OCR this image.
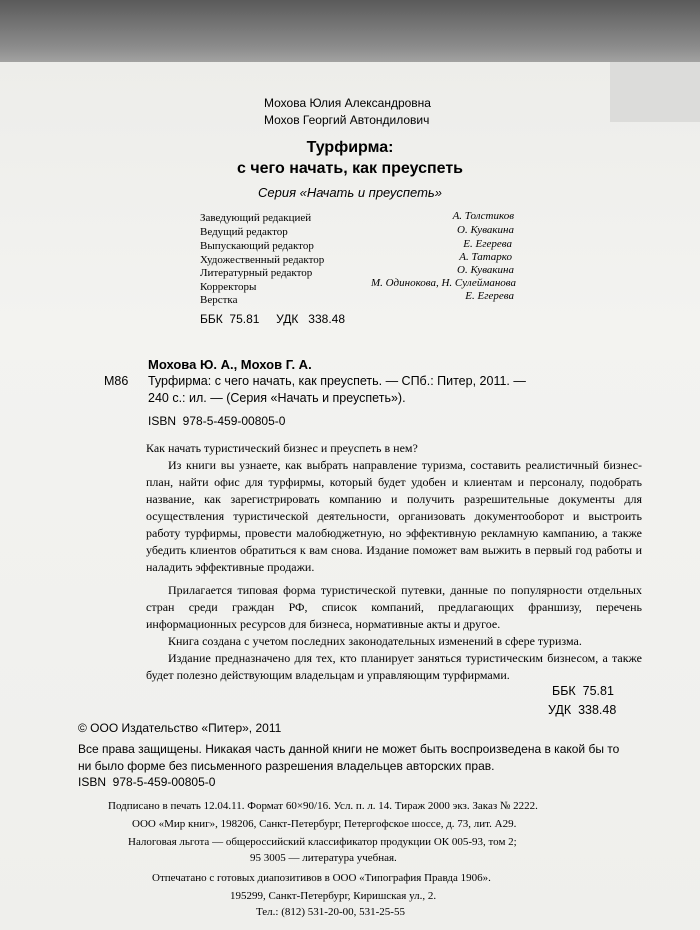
Мохова Юлия Александровна
Мохов Георгий Автондилович
Турфирма:
с чего начать, как преуспеть
Серия «Начать и преуспеть»
Заведующий редакцией	А. Толстиков
Ведущий редактор	О. Кувакина
Выпускающий редактор	Е. Егерева
Художественный редактор	А. Татарко
Литературный редактор	О. Кувакина
Корректоры	М. Одинокова, Н. Сулейманова
Верстка	Е. Егерева
ББК  75.81     УДК   338.48
Мохова Ю. А., Мохов Г. А.
М86 Турфирма: с чего начать, как преуспеть. — СПб.: Питер, 2011. —
240 с.: ил. — (Серия «Начать и преуспеть»).
ISBN  978-5-459-00805-0

Как начать туристический бизнес и преуспеть в нем?

Из книги вы узнаете, как выбрать направление туризма, составить реалистичный бизнес-план, найти офис для турфирмы, который будет удобен и клиентам и персоналу, подобрать название, как зарегистрировать компанию и получить разрешительные документы для осуществления туристической деятельности, организовать документооборот и выстроить работу турфирмы, провести малобюджетную, но эффективную рекламную кампанию, а также убедить клиентов обратиться к вам снова. Издание поможет вам выжить в первый год работы и наладить эффективные продажи.

Прилагается типовая форма туристической путевки, данные по популярности отдельных стран среди граждан РФ, список компаний, предлагающих франшизу, перечень информационных ресурсов для бизнеса, нормативные акты и другое.

Книга создана с учетом последних законодательных изменений в сфере туризма.

Издание предназначено для тех, кто планирует заняться туристическим бизнесом, а также будет полезно действующим владельцам и управляющим турфирмами.

ББК  75.81
УДК  338.48
© ООО Издательство «Питер», 2011
Все права защищены. Никакая часть данной книги не может быть воспроизведена в какой бы то ни было форме без письменного разрешения владельцев авторских прав.
ISBN  978-5-459-00805-0
Подписано в печать 12.04.11. Формат 60×90/16. Усл. п. л. 14. Тираж 2000 экз. Заказ № 2222.
ООО «Мир книг», 198206, Санкт-Петербург, Петергофское шоссе, д. 73, лит. А29.
Налоговая льгота — общероссийский классификатор продукции ОК 005-93, том 2;
95 3005 — литература учебная.
Отпечатано с готовых диапозитивов в ООО «Типография Правда 1906».
195299, Санкт-Петербург, Киришская ул., 2.
Тел.: (812) 531-20-00, 531-25-55
